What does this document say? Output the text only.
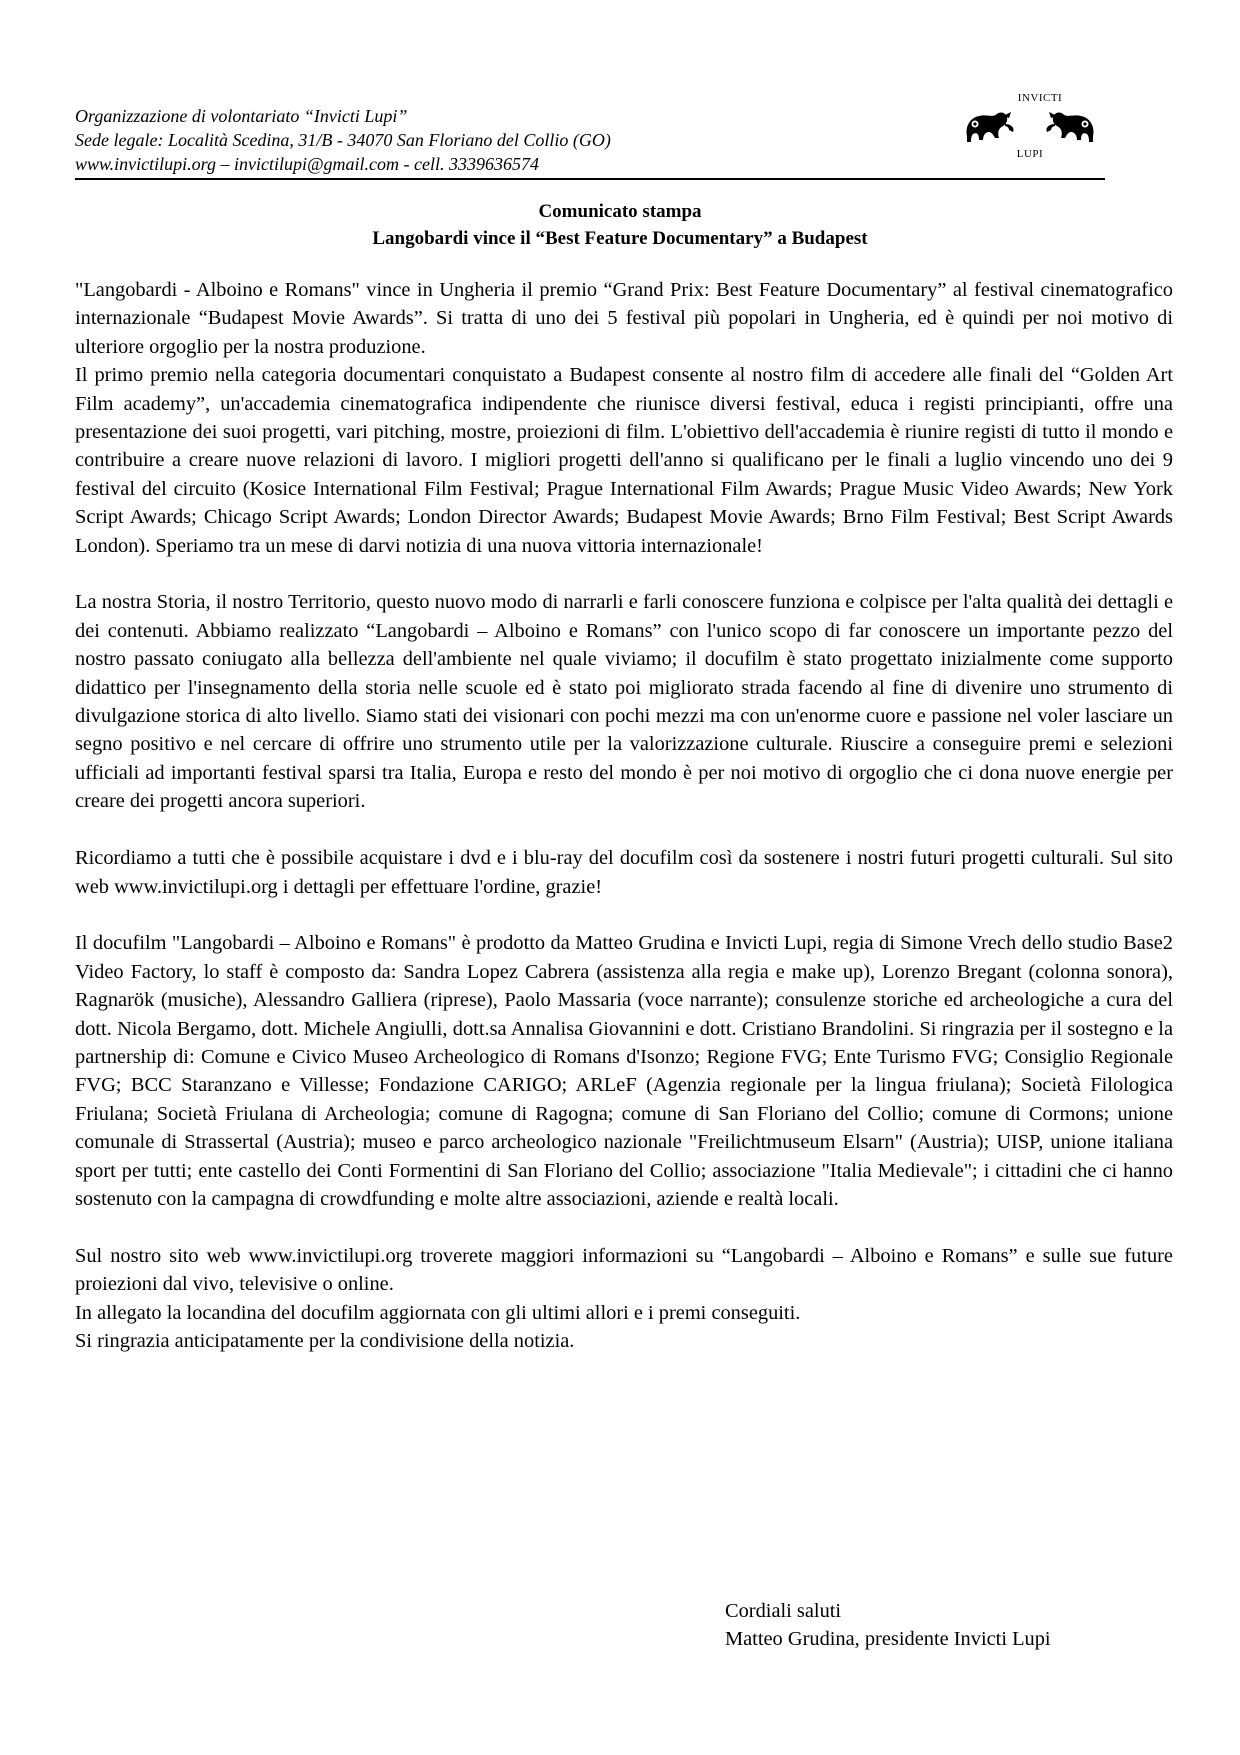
Organizzazione di volontariato “Invicti Lupi”
Sede legale: Località Scedina, 31/B - 34070 San Floriano del Collio (GO)
www.invictilupi.org – invictilupi@gmail.com - cell. 3339636574
INVICTI
LUPI
Comunicato stampa
Langobardi vince il “Best Feature Documentary” a Budapest

"Langobardi - Alboino e Romans" vince in Ungheria il premio “Grand Prix: Best Feature Documentary” al festival cinematografico internazionale “Budapest Movie Awards”. Si tratta di uno dei 5 festival più popolari in Ungheria, ed è quindi per noi motivo di ulteriore orgoglio per la nostra produzione.

Il primo premio nella categoria documentari conquistato a Budapest consente al nostro film di accedere alle finali del “Golden Art Film academy”, un'accademia cinematografica indipendente che riunisce diversi festival, educa i registi principianti, offre una presentazione dei suoi progetti, vari pitching, mostre, proiezioni di film. L'obiettivo dell'accademia è riunire registi di tutto il mondo e contribuire a creare nuove relazioni di lavoro. I migliori progetti dell'anno si qualificano per le finali a luglio vincendo uno dei 9 festival del circuito (Kosice International Film Festival; Prague International Film Awards; Prague Music Video Awards; New York Script Awards; Chicago Script Awards; London Director Awards; Budapest Movie Awards; Brno Film Festival; Best Script Awards London). Speriamo tra un mese di darvi notizia di una nuova vittoria internazionale!

La nostra Storia, il nostro Territorio, questo nuovo modo di narrarli e farli conoscere funziona e colpisce per l'alta qualità dei dettagli e dei contenuti. Abbiamo realizzato “Langobardi – Alboino e Romans” con l'unico scopo di far conoscere un importante pezzo del nostro passato coniugato alla bellezza dell'ambiente nel quale viviamo; il docufilm è stato progettato inizialmente come supporto didattico per l'insegnamento della storia nelle scuole ed è stato poi migliorato strada facendo al fine di divenire uno strumento di divulgazione storica di alto livello. Siamo stati dei visionari con pochi mezzi ma con un'enorme cuore e passione nel voler lasciare un segno positivo e nel cercare di offrire uno strumento utile per la valorizzazione culturale. Riuscire a conseguire premi e selezioni ufficiali ad importanti festival sparsi tra Italia, Europa e resto del mondo è per noi motivo di orgoglio che ci dona nuove energie per creare dei progetti ancora superiori.

Ricordiamo a tutti che è possibile acquistare i dvd e i blu-ray del docufilm così da sostenere i nostri futuri progetti culturali. Sul sito web www.invictilupi.org i dettagli per effettuare l'ordine, grazie!

Il docufilm "Langobardi – Alboino e Romans" è prodotto da Matteo Grudina e Invicti Lupi, regia di Simone Vrech dello studio Base2 Video Factory, lo staff è composto da: Sandra Lopez Cabrera (assistenza alla regia e make up), Lorenzo Bregant (colonna sonora), Ragnarök (musiche), Alessandro Galliera (riprese), Paolo Massaria (voce narrante); consulenze storiche ed archeologiche a cura del dott. Nicola Bergamo, dott. Michele Angiulli, dott.sa Annalisa Giovannini e dott. Cristiano Brandolini. Si ringrazia per il sostegno e la partnership di: Comune e Civico Museo Archeologico di Romans d'Isonzo; Regione FVG; Ente Turismo FVG; Consiglio Regionale FVG; BCC Staranzano e Villesse; Fondazione CARIGO; ARLeF (Agenzia regionale per la lingua friulana); Società Filologica Friulana; Società Friulana di Archeologia; comune di Ragogna; comune di San Floriano del Collio; comune di Cormons; unione comunale di Strassertal (Austria); museo e parco archeologico nazionale "Freilichtmuseum Elsarn" (Austria); UISP, unione italiana sport per tutti; ente castello dei Conti Formentini di San Floriano del Collio; associazione "Italia Medievale"; i cittadini che ci hanno sostenuto con la campagna di crowdfunding e molte altre associazioni, aziende e realtà locali.

Sul nostro sito web www.invictilupi.org troverete maggiori informazioni su “Langobardi – Alboino e Romans” e sulle sue future proiezioni dal vivo, televisive o online.

In allegato la locandina del docufilm aggiornata con gli ultimi allori e i premi conseguiti.

Si ringrazia anticipatamente per la condivisione della notizia.

Cordiali saluti
Matteo Grudina, presidente Invicti Lupi
